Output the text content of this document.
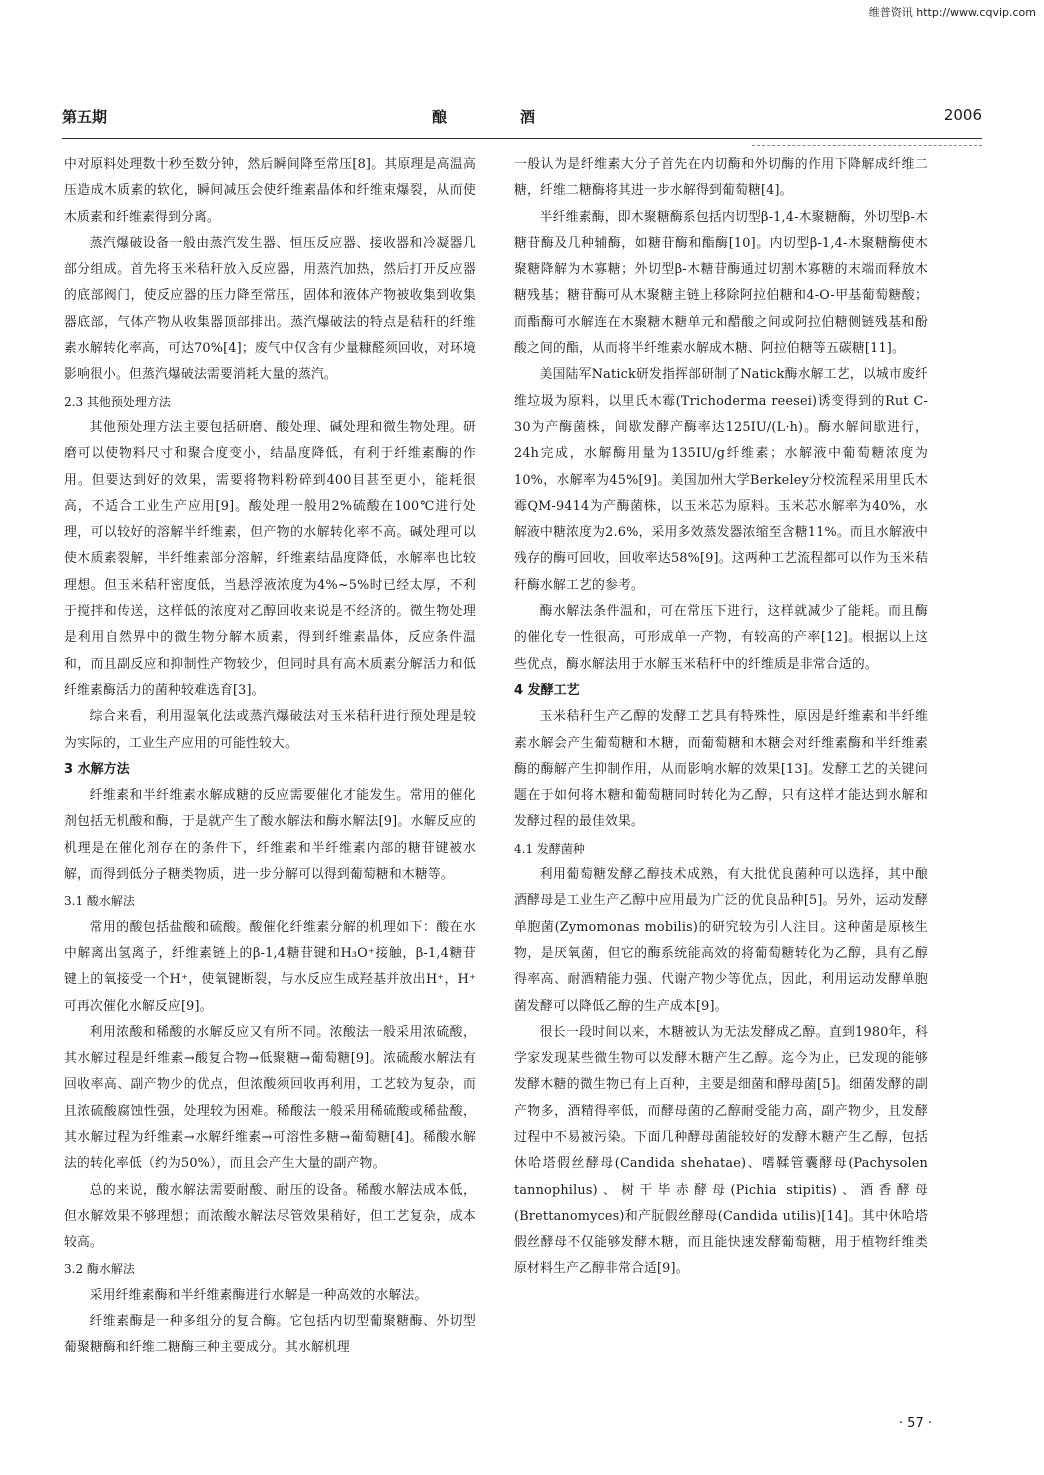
维普资讯 http://www.cqvip.com
第五期	酿	酒	2006

中对原料处理数十秒至数分钟，然后瞬间降至常压[8]。其原理是高温高压造成木质素的软化，瞬间减压会使纤维素晶体和纤维束爆裂，从而使木质素和纤维素得到分离。

蒸汽爆破设备一般由蒸汽发生器、恒压反应器、接收器和冷凝器几部分组成。首先将玉米秸秆放入反应器，用蒸汽加热，然后打开反应器的底部阀门，使反应器的压力降至常压，固体和液体产物被收集到收集器底部，气体产物从收集器顶部排出。蒸汽爆破法的特点是秸秆的纤维素水解转化率高，可达70%[4]；废气中仅含有少量糠醛须回收，对环境影响很小。但蒸汽爆破法需要消耗大量的蒸汽。

2.3 其他预处理方法

其他预处理方法主要包括研磨、酸处理、碱处理和微生物处理。研磨可以使物料尺寸和聚合度变小，结晶度降低，有利于纤维素酶的作用。但要达到好的效果，需要将物料粉碎到400目甚至更小，能耗很高，不适合工业生产应用[9]。酸处理一般用2%硫酸在100℃进行处理，可以较好的溶解半纤维素，但产物的水解转化率不高。碱处理可以使木质素裂解，半纤维素部分溶解，纤维素结晶度降低，水解率也比较理想。但玉米秸秆密度低，当悬浮液浓度为4%~5%时已经太厚，不利于搅拌和传送，这样低的浓度对乙醇回收来说是不经济的。微生物处理是利用自然界中的微生物分解木质素，得到纤维素晶体，反应条件温和，而且副反应和抑制性产物较少，但同时具有高木质素分解活力和低纤维素酶活力的菌种较难选育[3]。

综合来看，利用湿氧化法或蒸汽爆破法对玉米秸秆进行预处理是较为实际的，工业生产应用的可能性较大。

3 水解方法

纤维素和半纤维素水解成糖的反应需要催化才能发生。常用的催化剂包括无机酸和酶，于是就产生了酸水解法和酶水解法[9]。水解反应的机理是在催化剂存在的条件下，纤维素和半纤维素内部的糖苷键被水解，而得到低分子糖类物质，进一步分解可以得到葡萄糖和木糖等。

3.1 酸水解法

常用的酸包括盐酸和硫酸。酸催化纤维素分解的机理如下：酸在水中解离出氢离子，纤维素链上的β-1,4糖苷键和H₃O⁺接触，β-1,4糖苷键上的氧接受一个H⁺，使氧键断裂，与水反应生成羟基并放出H⁺，H⁺可再次催化水解反应[9]。

利用浓酸和稀酸的水解反应又有所不同。浓酸法一般采用浓硫酸，其水解过程是纤维素→酸复合物→低聚糖→葡萄糖[9]。浓硫酸水解法有回收率高、副产物少的优点，但浓酸须回收再利用，工艺较为复杂，而且浓硫酸腐蚀性强，处理较为困难。稀酸法一般采用稀硫酸或稀盐酸，其水解过程为纤维素→水解纤维素→可溶性多糖→葡萄糖[4]。稀酸水解法的转化率低（约为50%），而且会产生大量的副产物。

总的来说，酸水解法需要耐酸、耐压的设备。稀酸水解法成本低，但水解效果不够理想；而浓酸水解法尽管效果稍好，但工艺复杂，成本较高。

3.2 酶水解法

采用纤维素酶和半纤维素酶进行水解是一种高效的水解法。

纤维素酶是一种多组分的复合酶。它包括内切型葡聚糖酶、外切型葡聚糖酶和纤维二糖酶三种主要成分。其水解机理

一般认为是纤维素大分子首先在内切酶和外切酶的作用下降解成纤维二糖，纤维二糖酶将其进一步水解得到葡萄糖[4]。

半纤维素酶，即木聚糖酶系包括内切型β-1,4-木聚糖酶，外切型β-木糖苷酶及几种辅酶，如糖苷酶和酯酶[10]。内切型β-1,4-木聚糖酶使木聚糖降解为木寡糖；外切型β-木糖苷酶通过切割木寡糖的末端而释放木糖残基；糖苷酶可从木聚糖主链上移除阿拉伯糖和4-O-甲基葡萄糖酸；而酯酶可水解连在木聚糖木糖单元和醋酸之间或阿拉伯糖侧链残基和酚酸之间的酯，从而将半纤维素水解成木糖、阿拉伯糖等五碳糖[11]。

美国陆军Natick研发指挥部研制了Natick酶水解工艺，以城市废纤维垃圾为原料，以里氏木霉(Trichoderma reesei)诱变得到的Rut C-30为产酶菌株，间歇发酵产酶率达125IU/(L·h)。酶水解间歇进行，24h完成，水解酶用量为135IU/g纤维素；水解液中葡萄糖浓度为10%，水解率为45%[9]。美国加州大学Berkeley分校流程采用里氏木霉QM-9414为产酶菌株，以玉米芯为原料。玉米芯水解率为40%，水解液中糖浓度为2.6%，采用多效蒸发器浓缩至含糖11%。而且水解液中残存的酶可回收，回收率达58%[9]。这两种工艺流程都可以作为玉米秸秆酶水解工艺的参考。

酶水解法条件温和，可在常压下进行，这样就减少了能耗。而且酶的催化专一性很高，可形成单一产物，有较高的产率[12]。根据以上这些优点，酶水解法用于水解玉米秸秆中的纤维质是非常合适的。

4 发酵工艺

玉米秸秆生产乙醇的发酵工艺具有特殊性，原因是纤维素和半纤维素水解会产生葡萄糖和木糖，而葡萄糖和木糖会对纤维素酶和半纤维素酶的酶解产生抑制作用，从而影响水解的效果[13]。发酵工艺的关键问题在于如何将木糖和葡萄糖同时转化为乙醇，只有这样才能达到水解和发酵过程的最佳效果。

4.1 发酵菌种

利用葡萄糖发酵乙醇技术成熟，有大批优良菌种可以选择，其中酿酒酵母是工业生产乙醇中应用最为广泛的优良品种[5]。另外，运动发酵单胞菌(Zymomonas mobilis)的研究较为引人注目。这种菌是原核生物，是厌氧菌，但它的酶系统能高效的将葡萄糖转化为乙醇，具有乙醇得率高、耐酒精能力强、代谢产物少等优点，因此，利用运动发酵单胞菌发酵可以降低乙醇的生产成本[9]。

很长一段时间以来，木糖被认为无法发酵成乙醇。直到1980年，科学家发现某些微生物可以发酵木糖产生乙醇。迄今为止，已发现的能够发酵木糖的微生物已有上百种，主要是细菌和酵母菌[5]。细菌发酵的副产物多，酒精得率低，而酵母菌的乙醇耐受能力高，副产物少，且发酵过程中不易被污染。下面几种酵母菌能较好的发酵木糖产生乙醇，包括休哈塔假丝酵母(Candida shehatae)、嗜鞣管囊酵母(Pachysolen tannophilus)、树干毕赤酵母(Pichia stipitis)、酒香酵母(Brettanomyces)和产朊假丝酵母(Candida utilis)[14]。其中休哈塔假丝酵母不仅能够发酵木糖，而且能快速发酵葡萄糖，用于植物纤维类原材料生产乙醇非常合适[9]。

· 57 ·
